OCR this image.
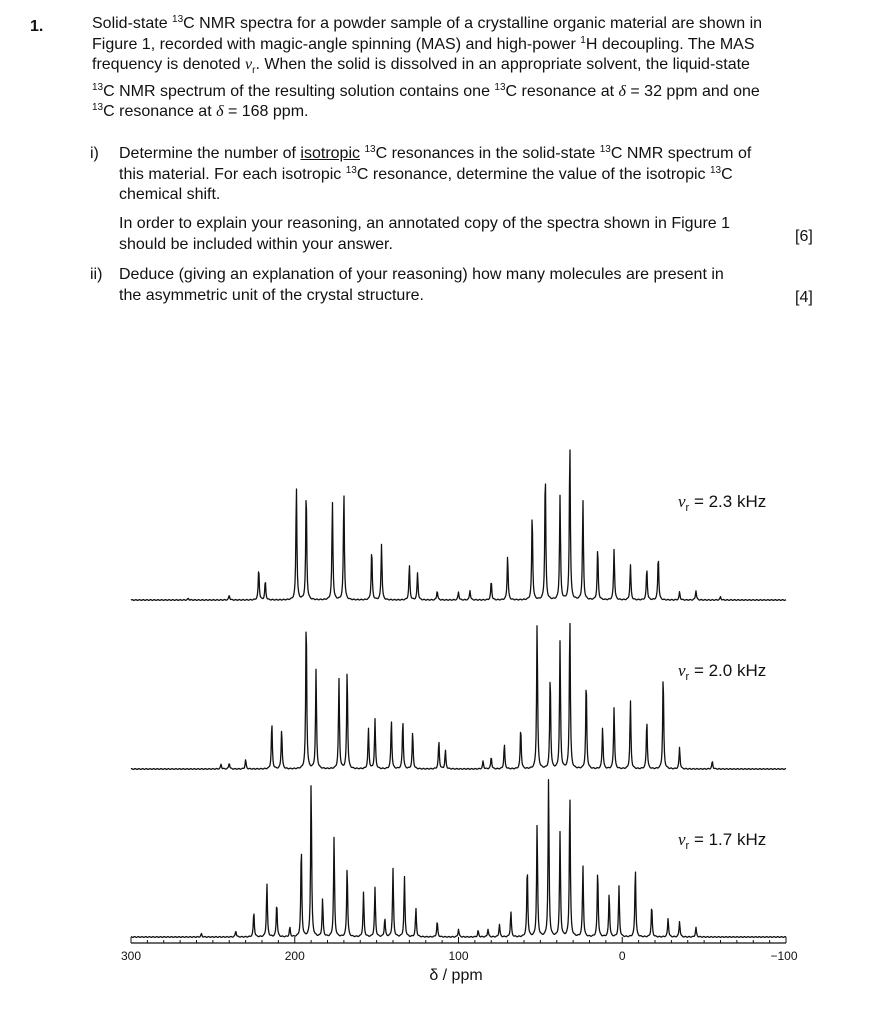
1.	Solid-state $^{13}$C NMR spectra for a powder sample of a crystalline organic material are shown in Figure 1, recorded with magic-angle spinning (MAS) and high-power $^1$H decoupling. The MAS frequency is denoted $\nu_r$. When the solid is dissolved in an appropriate solvent, the liquid-state $^{13}$C NMR spectrum of the resulting solution contains one $^{13}$C resonance at δ = 32 ppm and one $^{13}$C resonance at δ = 168 ppm.
i) Determine the number of isotropic $^{13}$C resonances in the solid-state $^{13}$C NMR spectrum of this material. For each isotropic $^{13}$C resonance, determine the value of the isotropic $^{13}$C chemical shift.
In order to explain your reasoning, an annotated copy of the spectra shown in Figure 1 should be included within your answer.	[6]
ii) Deduce (giving an explanation of your reasoning) how many molecules are present in the asymmetric unit of the crystal structure.	[4]
$\nu_r = 2.3$ kHz
$\nu_r = 2.0$ kHz
$\nu_r = 1.7$ kHz
300	200	100	0	−100
δ / ppm
